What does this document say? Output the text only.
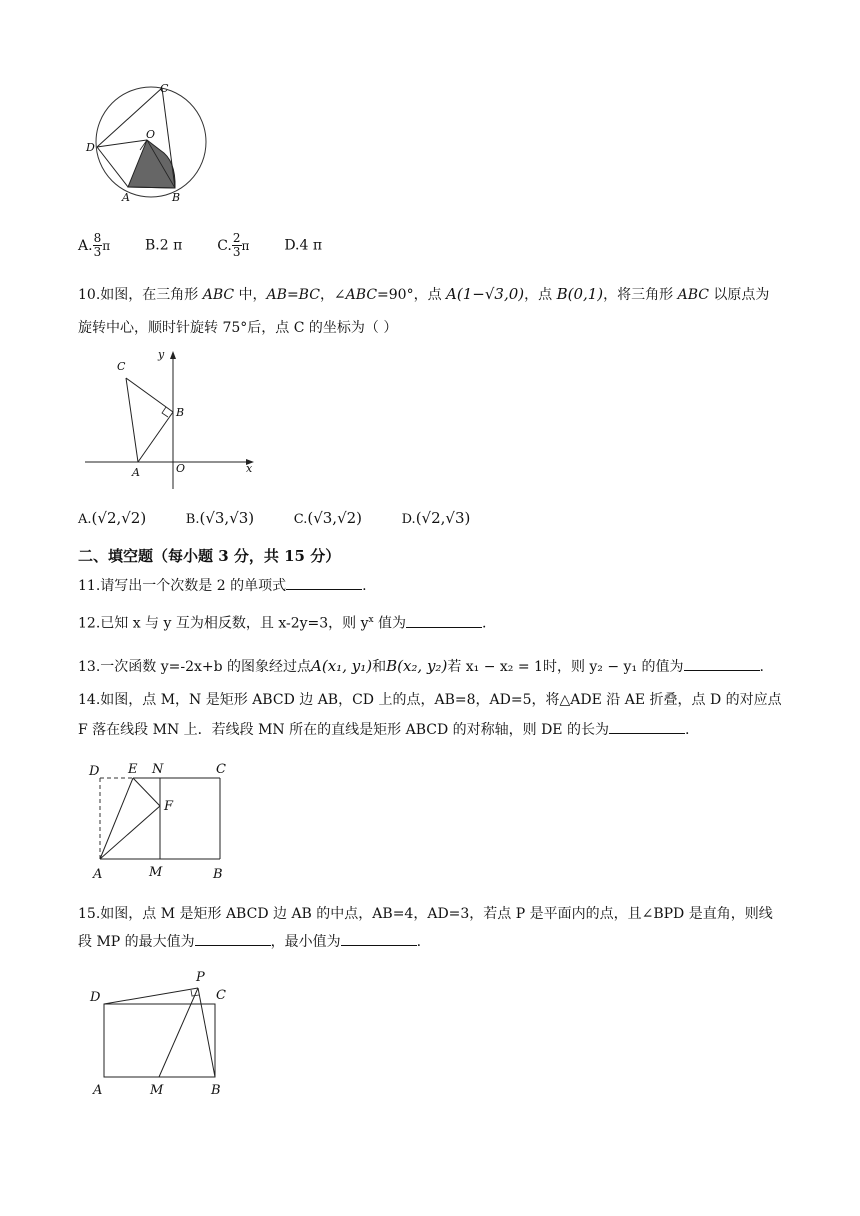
C
D
O
A	B
A. $\frac{8}{3}$ π B.2 π C. $\frac{2}{3}$ π D.4 π
10.如图，在三角形 ABC 中，AB=BC，∠ABC=90°，点 A(1−√3,0)，点 B(0,1)，将三角形 ABC 以原点为
旋转中心，顺时针旋转 75°后，点 C 的坐标为（ ）
C
y
B
A	O	x
A.(√2,√2)	B.(√3,√3)	C.(√3,√2)	D.(√2,√3)
二、填空题（每小题 3 分，共 15 分）
11.请写出一个次数是 2 的单项式	.
12.已知 x 与 y 互为相反数，且 x-2y=3，则 $y^x$ 值为	.
13.一次函数 y=-2x+b 的图象经过点A(x₁, y₁)和B(x₂, y₂)若 x₁ − x₂ = 1时，则 y₂ − y₁ 的值为	.
14.如图，点 M，N 是矩形 ABCD 边 AB，CD 上的点，AB=8，AD=5，将△ADE 沿 AE 折叠，点 D 的对应点
F 落在线段 MN 上．若线段 MN 所在的直线是矩形 ABCD 的对称轴，则 DE 的长为	.
D E N	C
F
A	M	B
15.如图，点 M 是矩形 ABCD 边 AB 的中点，AB=4，AD=3，若点 P 是平面内的点，且∠BPD 是直角，则线
段 MP 的最大值为	，最小值为	.
P
D	C
A	M	B
